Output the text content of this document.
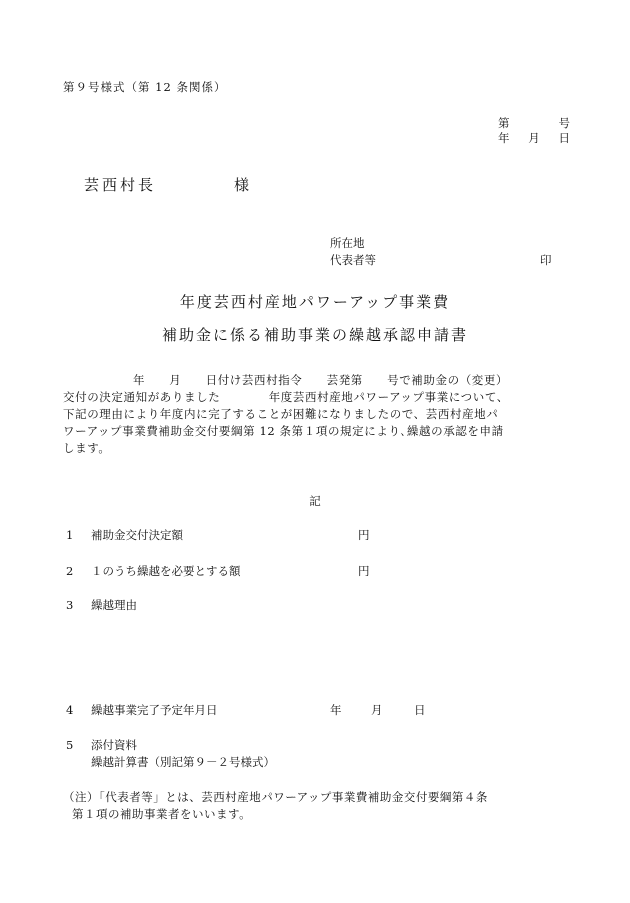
第９号様式（第 12 条関係）
第	号
年 月 日
芸西村長	様
所在地
代表者等	印
年度芸西村産地パワーアップ事業費
補助金に係る補助事業の繰越承認申請書
年　　月　　日付け芸西村指令　　芸発第　　号で補助金の（変更）
交付の決定通知がありました　　　　年度芸西村産地パワーアップ事業について、
下記の理由により年度内に完了することが困難になりましたので、芸西村産地パ
ワーアップ事業費補助金交付要綱第 12 条第１項の規定により､繰越の承認を申請
します。
記
1 補助金交付決定額	円
2 １のうち繰越を必要とする額	円
3 繰越理由
4 繰越事業完了予定年月日	年	月	日
5 添付資料
繰越計算書（別記第９－２号様式）
（注）「代表者等」とは、芸西村産地パワーアップ事業費補助金交付要綱第４条
第１項の補助事業者をいいます。
